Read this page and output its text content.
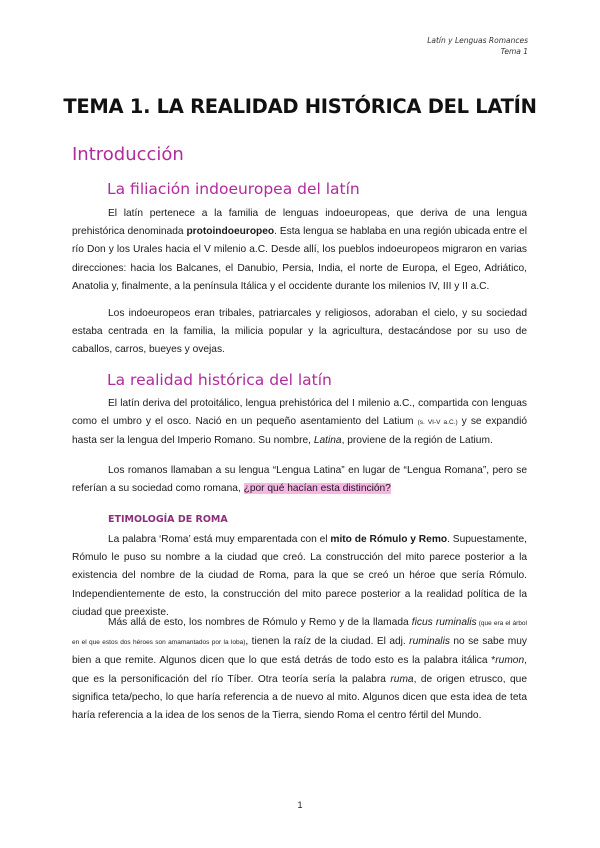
Latín y Lenguas Romances
Tema 1
TEMA 1. LA REALIDAD HISTÓRICA DEL LATÍN
Introducción
La filiación indoeuropea del latín

El latín pertenece a la familia de lenguas indoeuropeas, que deriva de una lengua prehistórica denominada protoindoeuropeo. Esta lengua se hablaba en una región ubicada entre el río Don y los Urales hacia el V milenio a.C. Desde allí, los pueblos indoeuropeos migraron en varias direcciones: hacia los Balcanes, el Danubio, Persia, India, el norte de Europa, el Egeo, Adriático, Anatolia y, finalmente, a la península Itálica y el occidente durante los milenios IV, III y II a.C.

Los indoeuropeos eran tribales, patriarcales y religiosos, adoraban el cielo, y su sociedad estaba centrada en la familia, la milicia popular y la agricultura, destacándose por su uso de caballos, carros, bueyes y ovejas.

La realidad histórica del latín

El latín deriva del protoitálico, lengua prehistórica del I milenio a.C., compartida con lenguas como el umbro y el osco. Nació en un pequeño asentamiento del Latium (s. VI-V a.C.) y se expandió hasta ser la lengua del Imperio Romano. Su nombre, Latina, proviene de la región de Latium.

Los romanos llamaban a su lengua “Lengua Latina” en lugar de “Lengua Romana”, pero se referían a su sociedad como romana, ¿por qué hacían esta distinción?

ETIMOLOGÍA DE ROMA

La palabra ‘Roma’ está muy emparentada con el mito de Rómulo y Remo. Supuestamente, Rómulo le puso su nombre a la ciudad que creó. La construcción del mito parece posterior a la existencia del nombre de la ciudad de Roma, para la que se creó un héroe que sería Rómulo. Independientemente de esto, la construcción del mito parece posterior a la realidad política de la ciudad que preexiste.

Más allá de esto, los nombres de Rómulo y Remo y de la llamada ficus ruminalis (que era el árbol en el que estos dos héroes son amamantados por la loba), tienen la raíz de la ciudad. El adj. ruminalis no se sabe muy bien a que remite. Algunos dicen que lo que está detrás de todo esto es la palabra itálica *rumon, que es la personificación del río Tíber. Otra teoría sería la palabra ruma, de origen etrusco, que significa teta/pecho, lo que haría referencia a de nuevo al mito. Algunos dicen que esta idea de teta haría referencia a la idea de los senos de la Tierra, siendo Roma el centro fértil del Mundo.

1
